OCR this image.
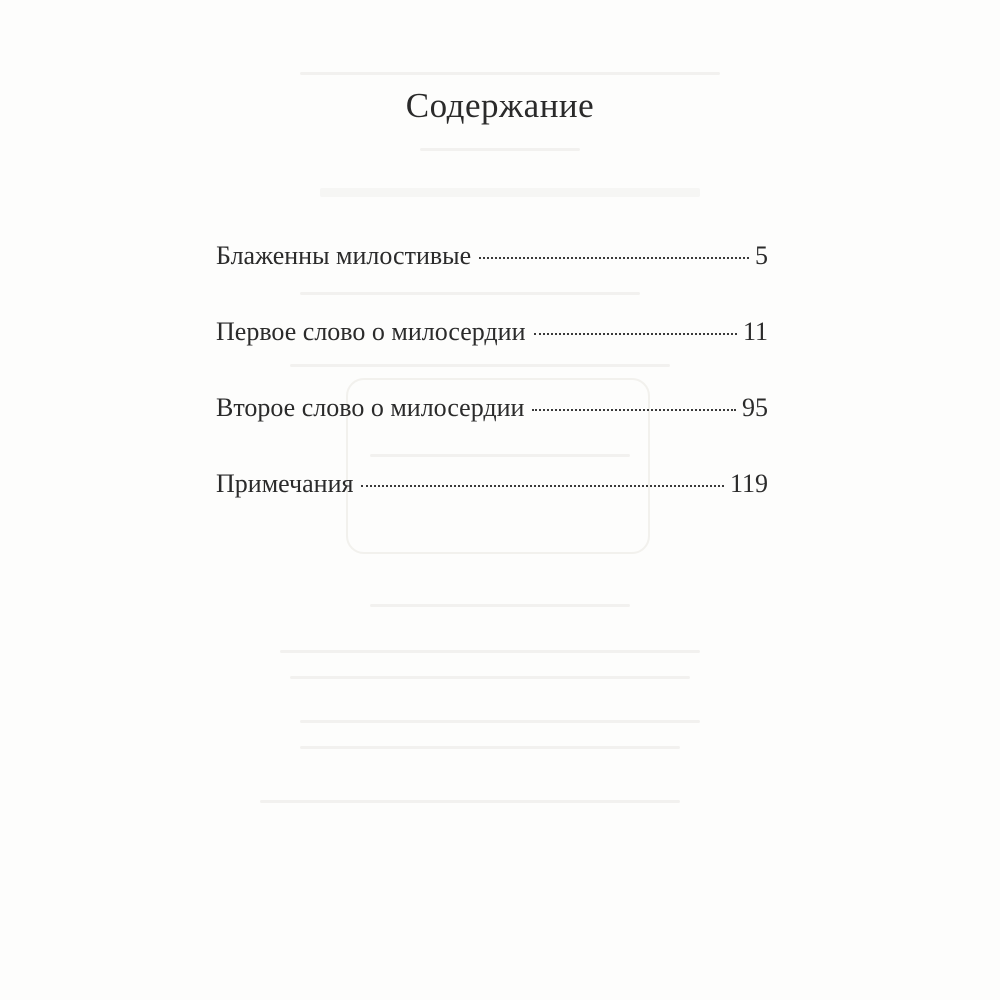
Содержание
Блаженны милостивые	5
Первое слово о милосердии	11
Второе слово о милосердии	95
Примечания	119
